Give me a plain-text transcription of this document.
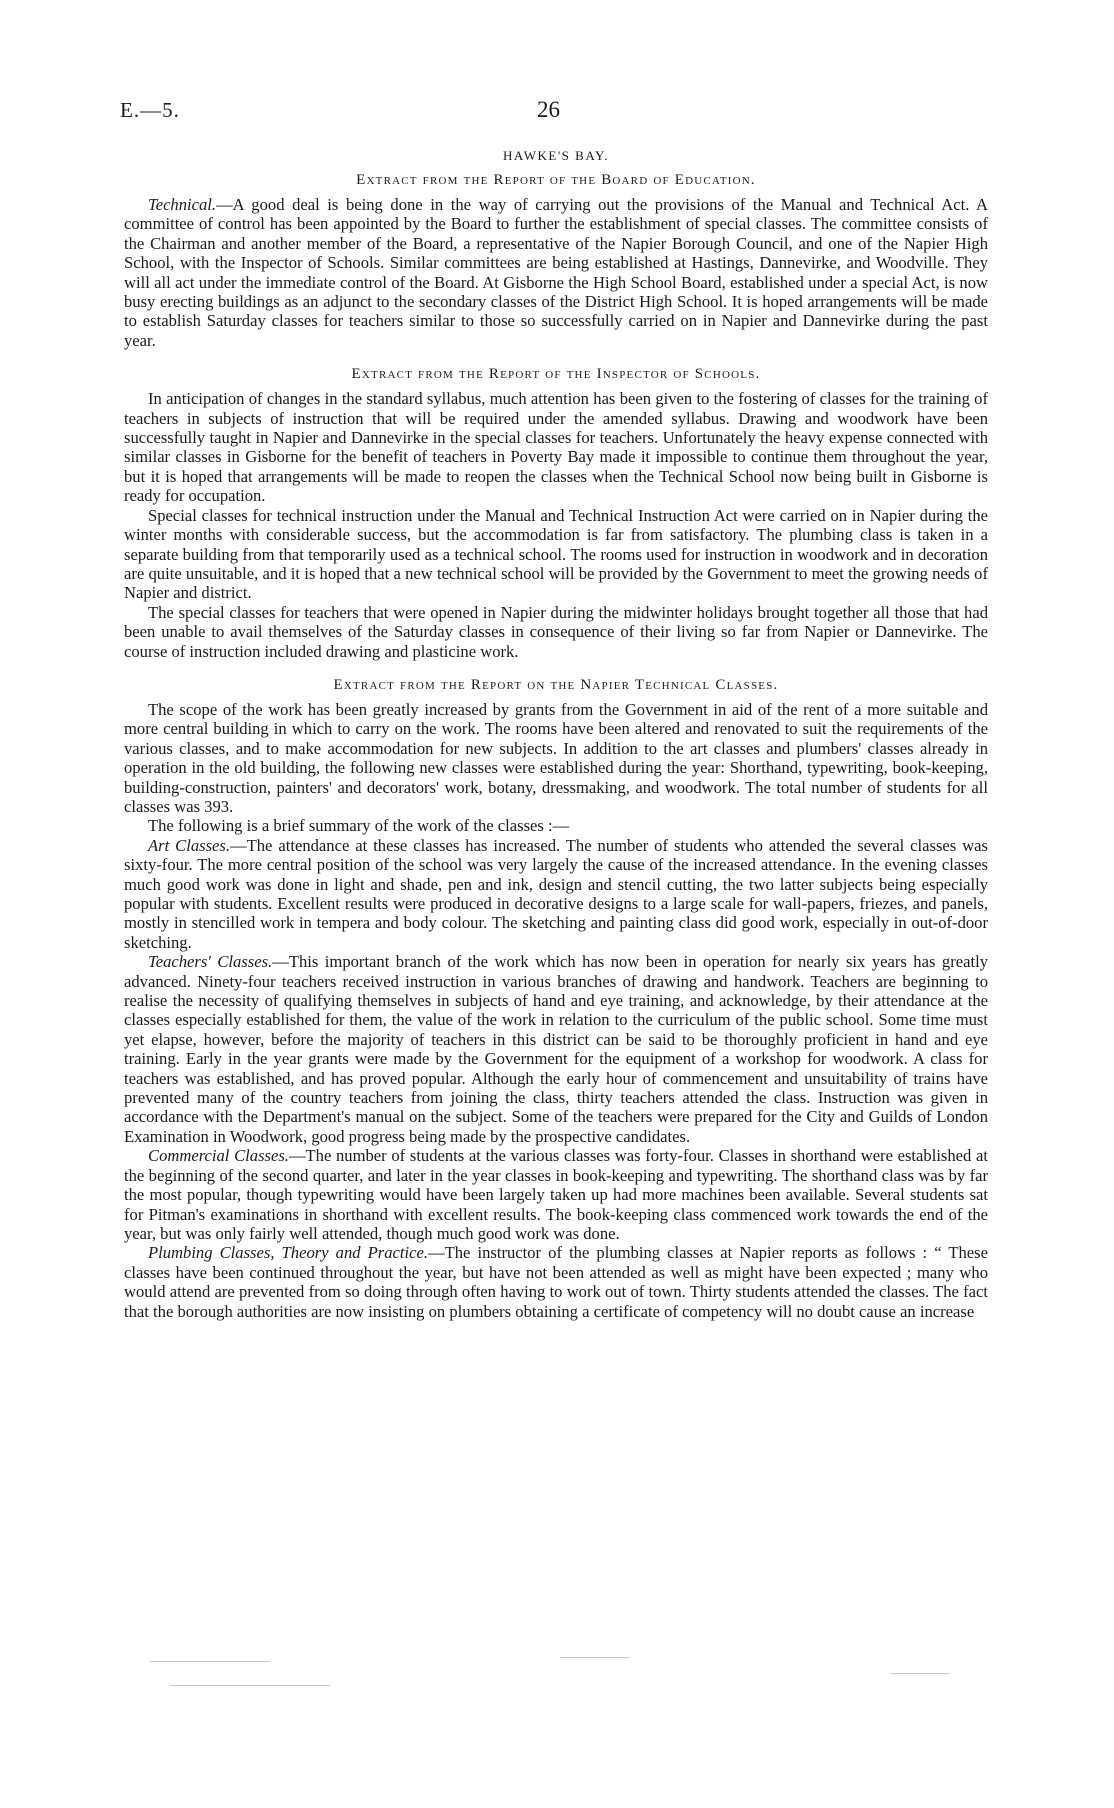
E.—5.	26
HAWKE'S BAY.
Extract from the Report of the Board of Education.

Technical.—A good deal is being done in the way of carrying out the provisions of the Manual and Technical Act. A committee of control has been appointed by the Board to further the establishment of special classes. The committee consists of the Chairman and another member of the Board, a representative of the Napier Borough Council, and one of the Napier High School, with the Inspector of Schools. Similar committees are being established at Hastings, Dannevirke, and Woodville. They will all act under the immediate control of the Board. At Gisborne the High School Board, established under a special Act, is now busy erecting buildings as an adjunct to the secondary classes of the District High School. It is hoped arrangements will be made to establish Saturday classes for teachers similar to those so successfully carried on in Napier and Dannevirke during the past year.

Extract from the Report of the Inspector of Schools.

In anticipation of changes in the standard syllabus, much attention has been given to the fostering of classes for the training of teachers in subjects of instruction that will be required under the amended syllabus. Drawing and woodwork have been successfully taught in Napier and Dannevirke in the special classes for teachers. Unfortunately the heavy expense connected with similar classes in Gisborne for the benefit of teachers in Poverty Bay made it impossible to continue them throughout the year, but it is hoped that arrangements will be made to reopen the classes when the Technical School now being built in Gisborne is ready for occupation.

Special classes for technical instruction under the Manual and Technical Instruction Act were carried on in Napier during the winter months with considerable success, but the accommodation is far from satisfactory. The plumbing class is taken in a separate building from that temporarily used as a technical school. The rooms used for instruction in woodwork and in decoration are quite unsuitable, and it is hoped that a new technical school will be provided by the Government to meet the growing needs of Napier and district.

The special classes for teachers that were opened in Napier during the midwinter holidays brought together all those that had been unable to avail themselves of the Saturday classes in consequence of their living so far from Napier or Dannevirke. The course of instruction included drawing and plasticine work.

Extract from the Report on the Napier Technical Classes.

The scope of the work has been greatly increased by grants from the Government in aid of the rent of a more suitable and more central building in which to carry on the work. The rooms have been altered and renovated to suit the requirements of the various classes, and to make accommodation for new subjects. In addition to the art classes and plumbers' classes already in operation in the old building, the following new classes were established during the year: Shorthand, typewriting, book-keeping, building-construction, painters' and decorators' work, botany, dressmaking, and woodwork. The total number of students for all classes was 393.

The following is a brief summary of the work of the classes :—

Art Classes.—The attendance at these classes has increased. The number of students who attended the several classes was sixty-four. The more central position of the school was very largely the cause of the increased attendance. In the evening classes much good work was done in light and shade, pen and ink, design and stencil cutting, the two latter subjects being especially popular with students. Excellent results were produced in decorative designs to a large scale for wall-papers, friezes, and panels, mostly in stencilled work in tempera and body colour. The sketching and painting class did good work, especially in out-of-door sketching.

Teachers' Classes.—This important branch of the work which has now been in operation for nearly six years has greatly advanced. Ninety-four teachers received instruction in various branches of drawing and handwork. Teachers are beginning to realise the necessity of qualifying themselves in subjects of hand and eye training, and acknowledge, by their attendance at the classes especially established for them, the value of the work in relation to the curriculum of the public school. Some time must yet elapse, however, before the majority of teachers in this district can be said to be thoroughly proficient in hand and eye training. Early in the year grants were made by the Government for the equipment of a workshop for woodwork. A class for teachers was established, and has proved popular. Although the early hour of commencement and unsuitability of trains have prevented many of the country teachers from joining the class, thirty teachers attended the class. Instruction was given in accordance with the Department's manual on the subject. Some of the teachers were prepared for the City and Guilds of London Examination in Woodwork, good progress being made by the prospective candidates.

Commercial Classes.—The number of students at the various classes was forty-four. Classes in shorthand were established at the beginning of the second quarter, and later in the year classes in book-keeping and typewriting. The shorthand class was by far the most popular, though typewriting would have been largely taken up had more machines been available. Several students sat for Pitman's examinations in shorthand with excellent results. The book-keeping class commenced work towards the end of the year, but was only fairly well attended, though much good work was done.

Plumbing Classes, Theory and Practice.—The instructor of the plumbing classes at Napier reports as follows : “ These classes have been continued throughout the year, but have not been attended as well as might have been expected ; many who would attend are prevented from so doing through often having to work out of town. Thirty students attended the classes. The fact that the borough authorities are now insisting on plumbers obtaining a certificate of competency will no doubt cause an increase
